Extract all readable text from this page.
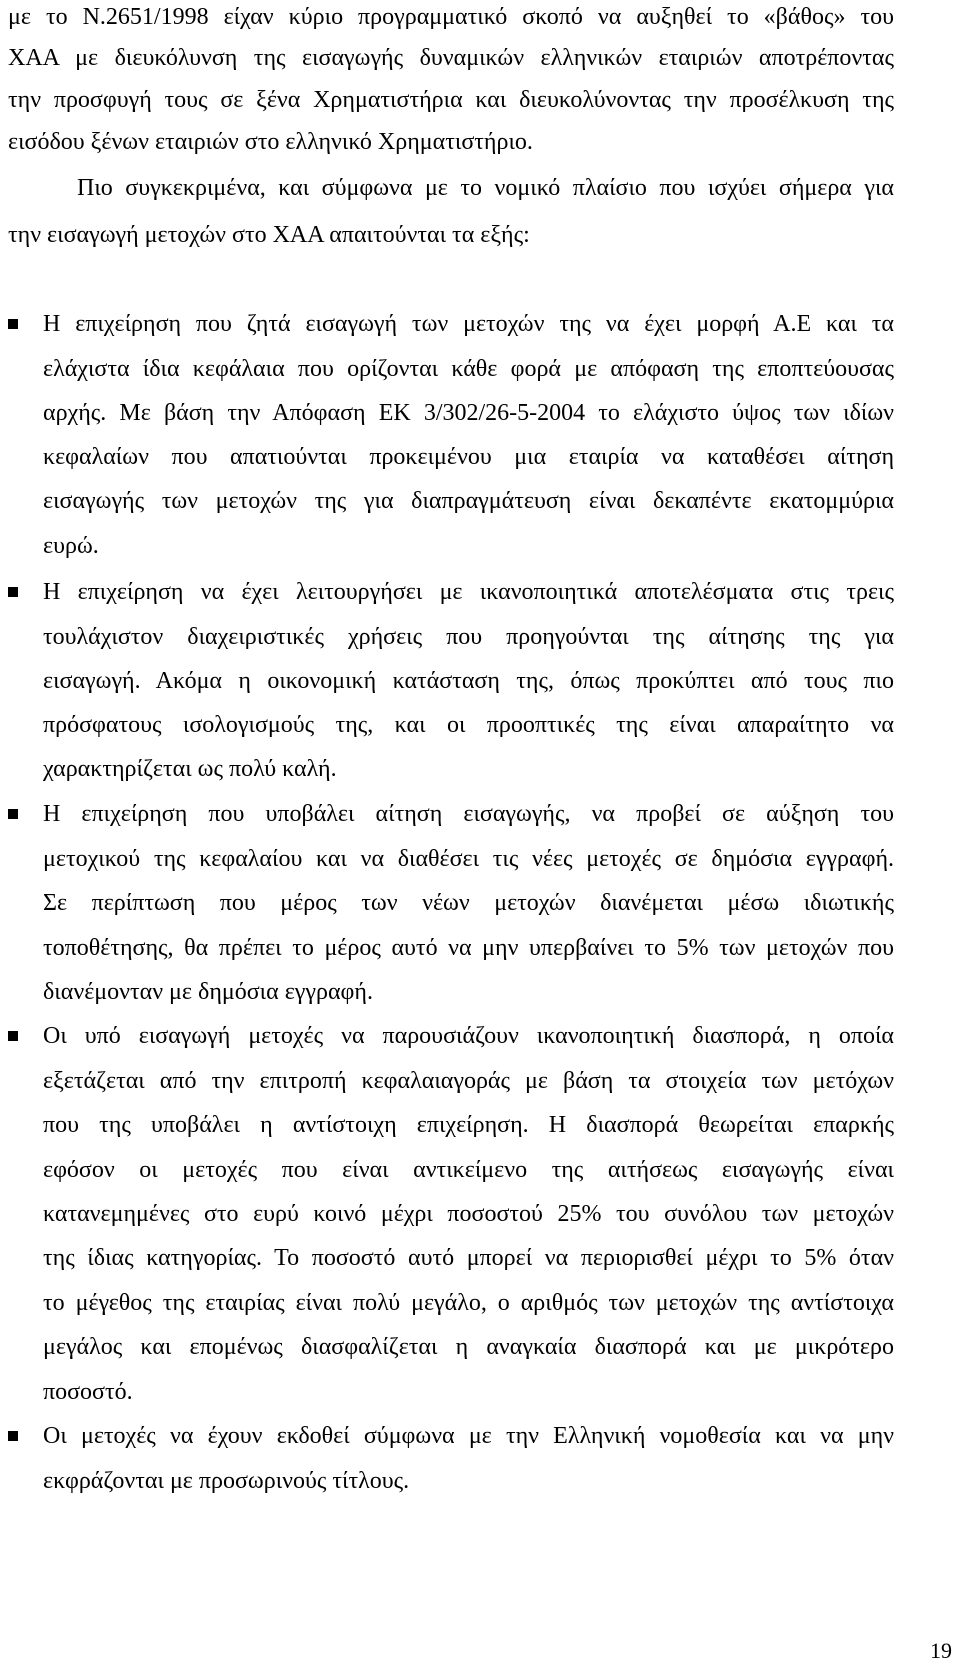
με το Ν.2651/1998 είχαν κύριο προγραμματικό σκοπό να αυξηθεί το «βάθος» του
ΧΑΑ με διευκόλυνση της εισαγωγής δυναμικών ελληνικών εταιριών αποτρέποντας
την προσφυγή τους σε ξένα Χρηματιστήρια και διευκολύνοντας την προσέλκυση της
εισόδου ξένων εταιριών στο ελληνικό Χρηματιστήριο.
Πιο συγκεκριμένα, και σύμφωνα με το νομικό πλαίσιο που ισχύει σήμερα για
την εισαγωγή μετοχών στο ΧΑΑ απαιτούνται τα εξής:
Η επιχείρηση που ζητά εισαγωγή των μετοχών της να έχει μορφή Α.Ε και τα
ελάχιστα ίδια κεφάλαια που ορίζονται κάθε φορά με απόφαση της εποπτεύουσας
αρχής. Με βάση την Απόφαση ΕΚ 3/302/26-5-2004 το ελάχιστο ύψος των ιδίων
κεφαλαίων που απατιούνται προκειμένου μια εταιρία να καταθέσει αίτηση
εισαγωγής των μετοχών της για διαπραγμάτευση είναι δεκαπέντε εκατομμύρια
ευρώ.
Η επιχείρηση να έχει λειτουργήσει με ικανοποιητικά αποτελέσματα στις τρεις
τουλάχιστον διαχειριστικές χρήσεις που προηγούνται της αίτησης της για
εισαγωγή. Ακόμα η οικονομική κατάσταση της, όπως προκύπτει από τους πιο
πρόσφατους ισολογισμούς της, και οι προοπτικές της είναι απαραίτητο να
χαρακτηρίζεται ως πολύ καλή.
Η επιχείρηση που υποβάλει αίτηση εισαγωγής, να προβεί σε αύξηση του
μετοχικού της κεφαλαίου και να διαθέσει τις νέες μετοχές σε δημόσια εγγραφή.
Σε περίπτωση που μέρος των νέων μετοχών διανέμεται μέσω ιδιωτικής
τοποθέτησης, θα πρέπει το μέρος αυτό να μην υπερβαίνει το 5% των μετοχών που
διανέμονταν με δημόσια εγγραφή.
Οι υπό εισαγωγή μετοχές να παρουσιάζουν ικανοποιητική διασπορά, η οποία
εξετάζεται από την επιτροπή κεφαλαιαγοράς με βάση τα στοιχεία των μετόχων
που της υποβάλει η αντίστοιχη επιχείρηση. Η διασπορά θεωρείται επαρκής
εφόσον οι μετοχές που είναι αντικείμενο της αιτήσεως εισαγωγής είναι
κατανεμημένες στο ευρύ κοινό μέχρι ποσοστού 25% του συνόλου των μετοχών
της ίδιας κατηγορίας. Το ποσοστό αυτό μπορεί να περιορισθεί μέχρι το 5% όταν
το μέγεθος της εταιρίας είναι πολύ μεγάλο, ο αριθμός των μετοχών της αντίστοιχα
μεγάλος και επομένως διασφαλίζεται η αναγκαία διασπορά και με μικρότερο
ποσοστό.
Οι μετοχές να έχουν εκδοθεί σύμφωνα με την Ελληνική νομοθεσία και να μην
εκφράζονται με προσωρινούς τίτλους.
19
